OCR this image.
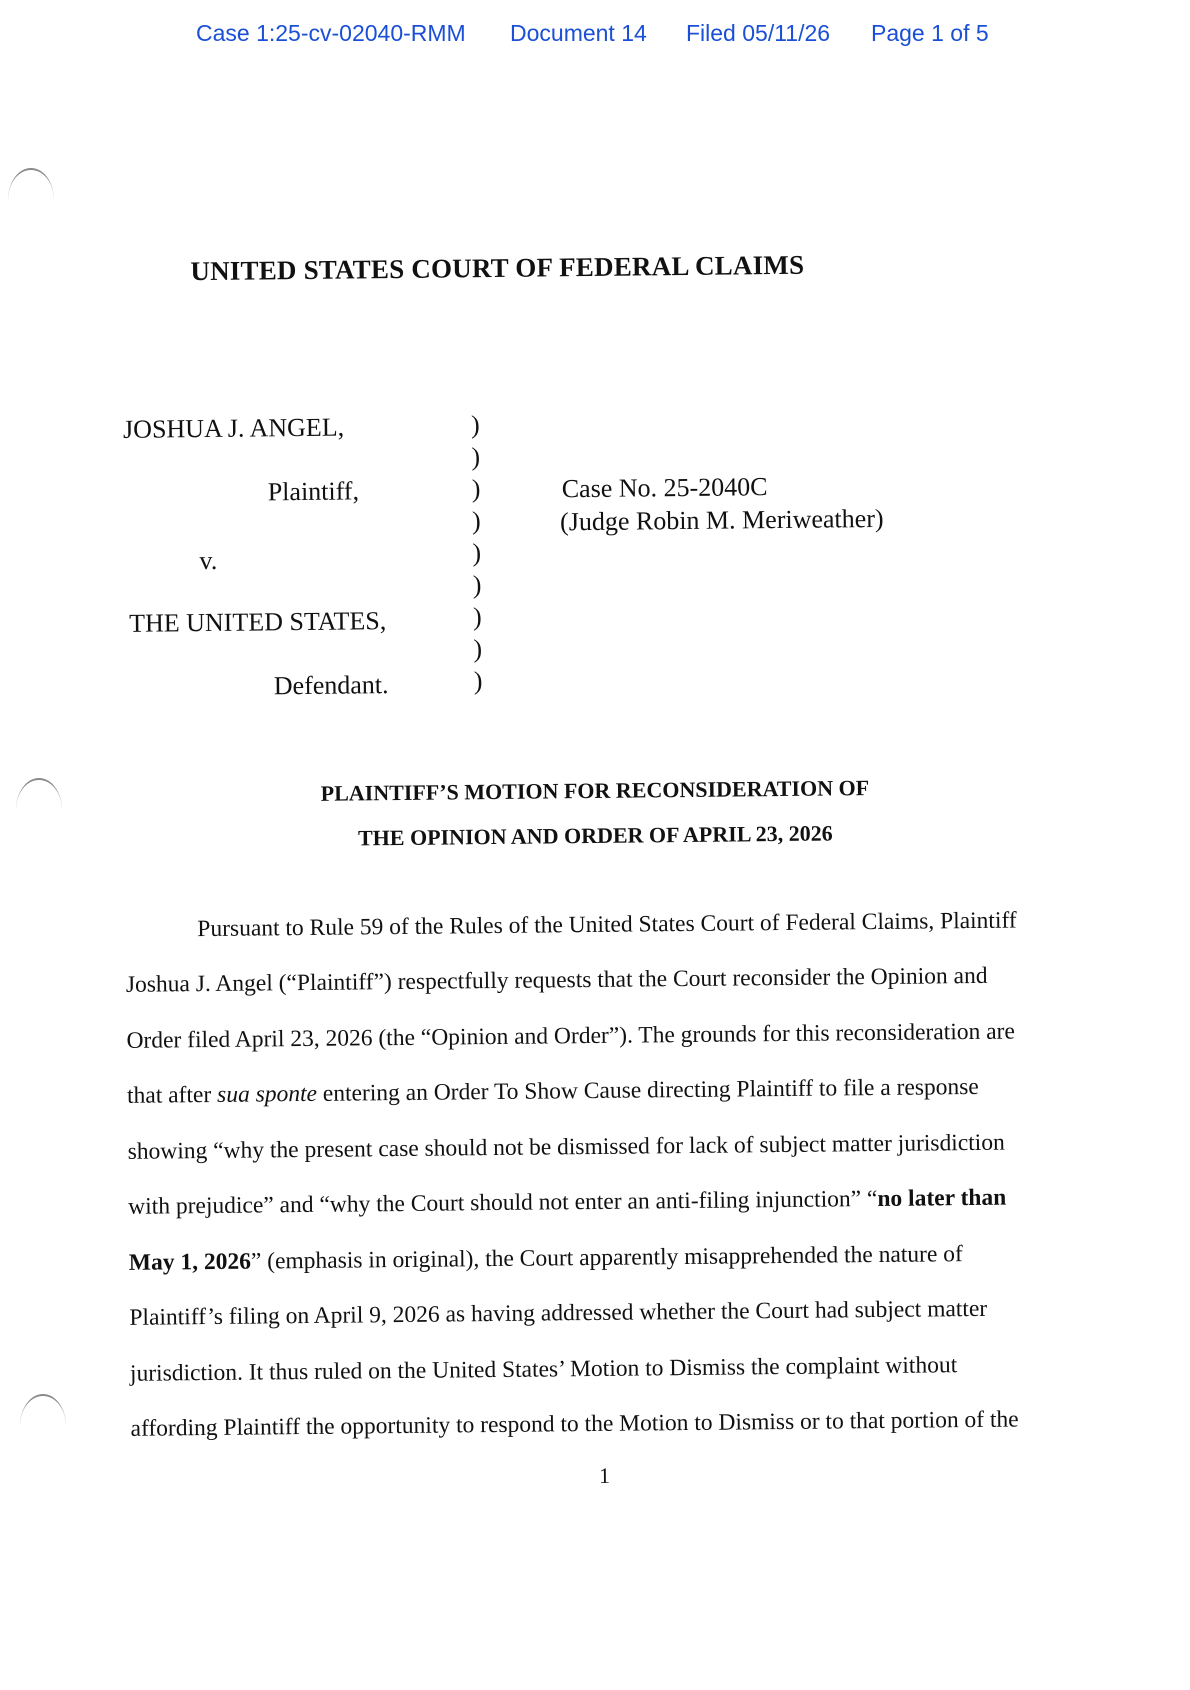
Case 1:25-cv-02040-RMM Document 14 Filed 05/11/26 Page 1 of 5
UNITED STATES COURT OF FEDERAL CLAIMS
JOSHUA J. ANGEL,
Plaintiff,
v.
THE UNITED STATES,
Defendant.
)
)
)
)
)
)
)
)
)
Case No. 25-2040C
(Judge Robin M. Meriweather)
PLAINTIFF’S MOTION FOR RECONSIDERATION OF
THE OPINION AND ORDER OF APRIL 23, 2026
Pursuant to Rule 59 of the Rules of the United States Court of Federal Claims, Plaintiff
Joshua J. Angel (“Plaintiff”) respectfully requests that the Court reconsider the Opinion and
Order filed April 23, 2026 (the “Opinion and Order”). The grounds for this reconsideration are
that after sua sponte entering an Order To Show Cause directing Plaintiff to file a response
showing “why the present case should not be dismissed for lack of subject matter jurisdiction
with prejudice” and “why the Court should not enter an anti-filing injunction” “no later than
May 1, 2026” (emphasis in original), the Court apparently misapprehended the nature of
Plaintiff’s filing on April 9, 2026 as having addressed whether the Court had subject matter
jurisdiction. It thus ruled on the United States’ Motion to Dismiss the complaint without
affording Plaintiff the opportunity to respond to the Motion to Dismiss or to that portion of the
1
